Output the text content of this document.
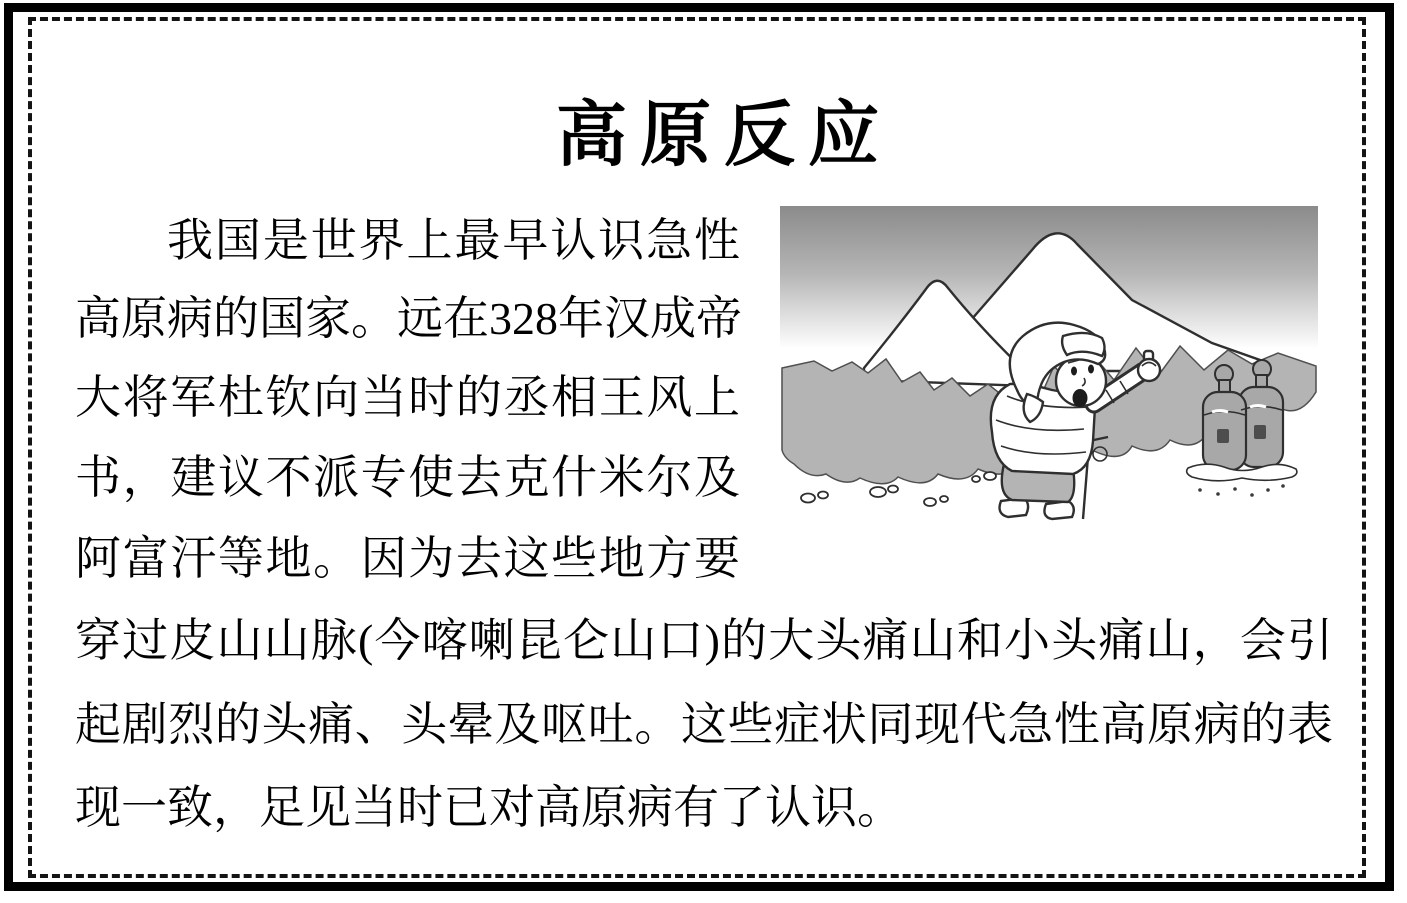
高原反应
我国是世界上最早认识急性
高原病的国家。远在328年汉成帝
大将军杜钦向当时的丞相王风上
书，建议不派专使去克什米尔及
阿富汗等地。因为去这些地方要
穿过皮山山脉(今喀喇昆仑山口)的大头痛山和小头痛山，会引
起剧烈的头痛、头晕及呕吐。这些症状同现代急性高原病的表
现一致，足见当时已对高原病有了认识。
